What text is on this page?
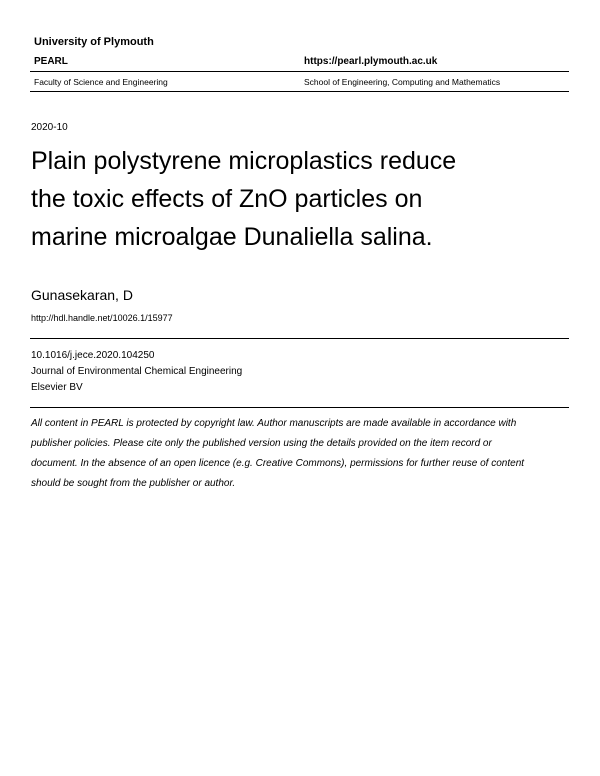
University of Plymouth
PEARL	https://pearl.plymouth.ac.uk
Faculty of Science and Engineering	School of Engineering, Computing and Mathematics
2020-10
Plain polystyrene microplastics reduce
the toxic effects of ZnO particles on
marine microalgae Dunaliella salina.
Gunasekaran, D
http://hdl.handle.net/10026.1/15977
10.1016/j.jece.2020.104250
Journal of Environmental Chemical Engineering
Elsevier BV
All content in PEARL is protected by copyright law. Author manuscripts are made available in accordance with
publisher policies. Please cite only the published version using the details provided on the item record or
document. In the absence of an open licence (e.g. Creative Commons), permissions for further reuse of content
should be sought from the publisher or author.
